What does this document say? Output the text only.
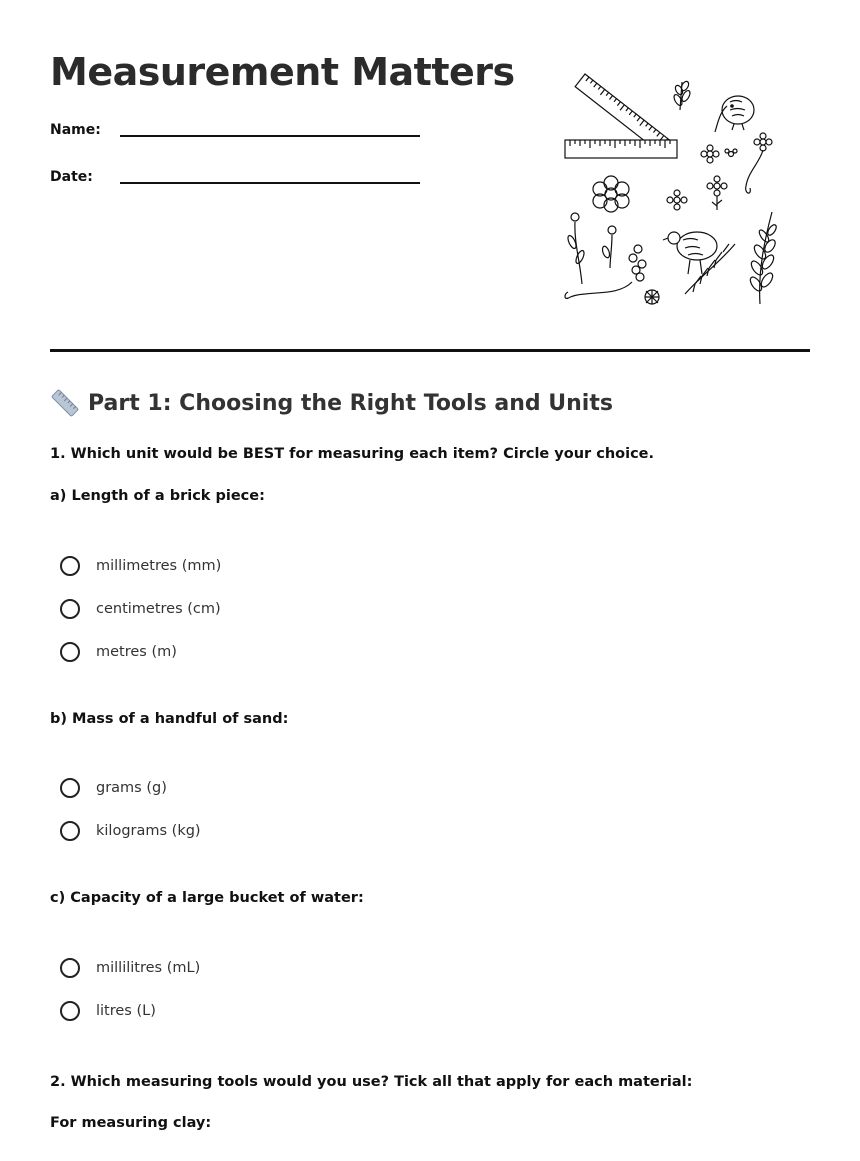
Measurement Matters
Name:
Date:
Part 1: Choosing the Right Tools and Units
1. Which unit would be BEST for measuring each item? Circle your choice.
a) Length of a brick piece:
millimetres (mm)
centimetres (cm)
metres (m)
b) Mass of a handful of sand:
grams (g)
kilograms (kg)
c) Capacity of a large bucket of water:
millilitres (mL)
litres (L)
2. Which measuring tools would you use? Tick all that apply for each material:
For measuring clay:
